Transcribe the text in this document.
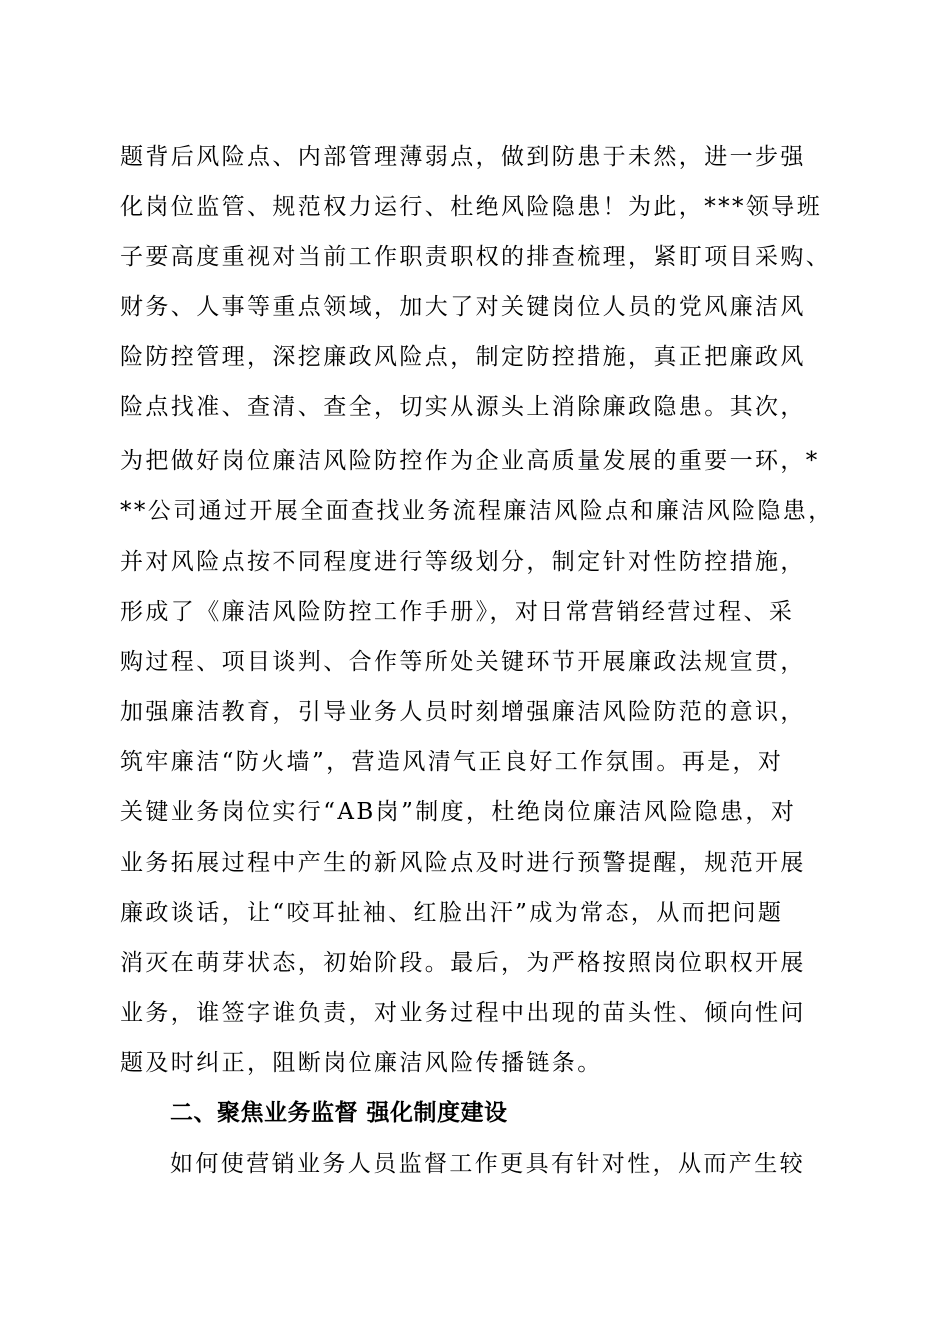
题背后风险点、内部管理薄弱点，做到防患于未然，进一步强
化岗位监管、规范权力运行、杜绝风险隐患！为此，***领导班
子要高度重视对当前工作职责职权的排查梳理，紧盯项目采购、
财务、人事等重点领域，加大了对关键岗位人员的党风廉洁风
险防控管理，深挖廉政风险点，制定防控措施，真正把廉政风
险点找准、查清、查全，切实从源头上消除廉政隐患。其次，
为把做好岗位廉洁风险防控作为企业高质量发展的重要一环，*
**公司通过开展全面查找业务流程廉洁风险点和廉洁风险隐患，
并对风险点按不同程度进行等级划分，制定针对性防控措施，
形成了《廉洁风险防控工作手册》，对日常营销经营过程、采
购过程、项目谈判、合作等所处关键环节开展廉政法规宣贯，
加强廉洁教育，引导业务人员时刻增强廉洁风险防范的意识，
筑牢廉洁“防火墙”，营造风清气正良好工作氛围。再是，对
关键业务岗位实行“AB岗”制度，杜绝岗位廉洁风险隐患，对
业务拓展过程中产生的新风险点及时进行预警提醒，规范开展
廉政谈话，让“咬耳扯袖、红脸出汗”成为常态，从而把问题
消灭在萌芽状态，初始阶段。最后，为严格按照岗位职权开展
业务，谁签字谁负责，对业务过程中出现的苗头性、倾向性问
题及时纠正，阻断岗位廉洁风险传播链条。
二、聚焦业务监督 强化制度建设
如何使营销业务人员监督工作更具有针对性，从而产生较
